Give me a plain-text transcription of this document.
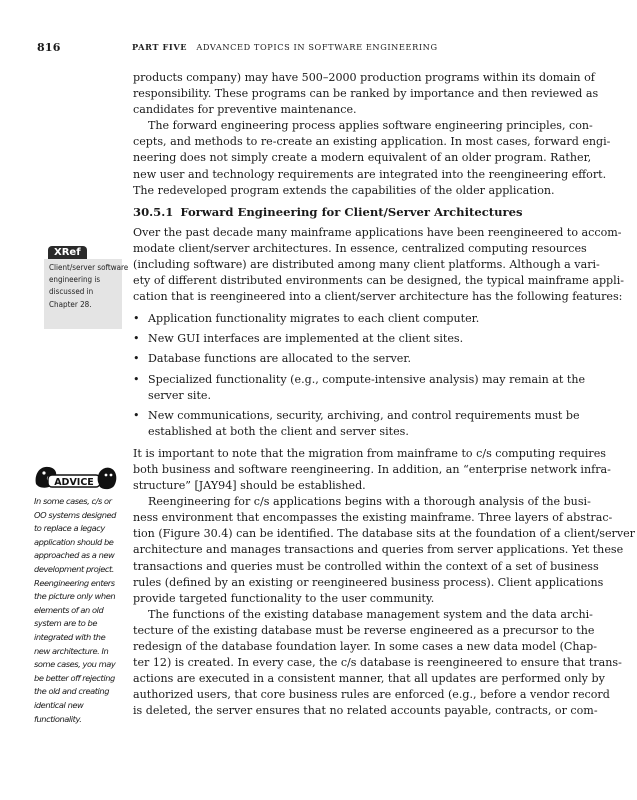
816	PART FIVE ADVANCED TOPICS IN SOFTWARE ENGINEERING
products company) may have 500–2000 production programs within its domain of
responsibility. These programs can be ranked by importance and then reviewed as
candidates for preventive maintenance.
The forward engineering process applies software engineering principles, con-
cepts, and methods to re-create an existing application. In most cases, forward engi-
neering does not simply create a modern equivalent of an older program. Rather,
new user and technology requirements are integrated into the reengineering effort.
The redeveloped program extends the capabilities of the older application.
30.5.1 Forward Engineering for Client/Server Architectures
Over the past decade many mainframe applications have been reengineered to accom-
modate client/server architectures. In essence, centralized computing resources
(including software) are distributed among many client platforms. Although a vari-
ety of different distributed environments can be designed, the typical mainframe appli-
cation that is reengineered into a client/server architecture has the following features:
• Application functionality migrates to each client computer.
• New GUI interfaces are implemented at the client sites.
• Database functions are allocated to the server.
• Specialized functionality (e.g., compute-intensive analysis) may remain at the
server site.
• New communications, security, archiving, and control requirements must be
established at both the client and server sites.
It is important to note that the migration from mainframe to c/s computing requires
both business and software reengineering. In addition, an “enterprise network infra-
structure” [JAY94] should be established.
Reengineering for c/s applications begins with a thorough analysis of the busi-
ness environment that encompasses the existing mainframe. Three layers of abstrac-
tion (Figure 30.4) can be identified. The database sits at the foundation of a client/server
architecture and manages transactions and queries from server applications. Yet these
transactions and queries must be controlled within the context of a set of business
rules (defined by an existing or reengineered business process). Client applications
provide targeted functionality to the user community.
The functions of the existing database management system and the data archi-
tecture of the existing database must be reverse engineered as a precursor to the
redesign of the database foundation layer. In some cases a new data model (Chap-
ter 12) is created. In every case, the c/s database is reengineered to ensure that trans-
actions are executed in a consistent manner, that all updates are performed only by
authorized users, that core business rules are enforced (e.g., before a vendor record
is deleted, the server ensures that no related accounts payable, contracts, or com-
XRef
Client/server software
engineering is
discussed in
Chapter 28.
ADVICE
In some cases, c/s or
OO systems designed
to replace a legacy
application should be
approached as a new
development project.
Reengineering enters
the picture only when
elements of an old
system are to be
integrated with the
new architecture. In
some cases, you may
be better off rejecting
the old and creating
identical new
functionality.
